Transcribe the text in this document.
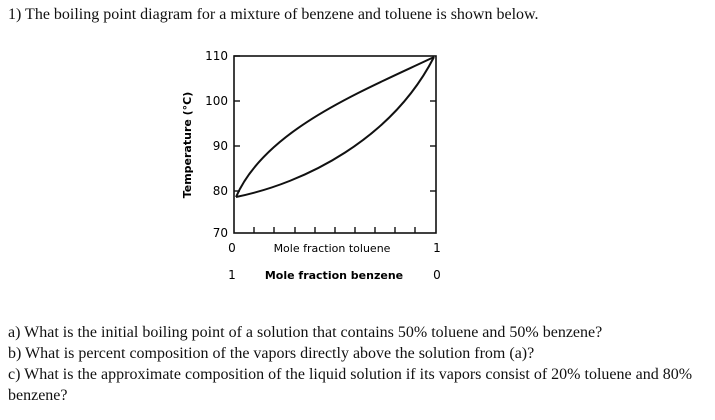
1) The boiling point diagram for a mixture of benzene and toluene is shown below.
110
100
90
80
70
Temperature (°C)
0	Mole fraction toluene	1
1	Mole fraction benzene	0
a) What is the initial boiling point of a solution that contains 50% toluene and 50% benzene?
b) What is percent composition of the vapors directly above the solution from (a)?
c) What is the approximate composition of the liquid solution if its vapors consist of 20% toluene and 80% benzene?
